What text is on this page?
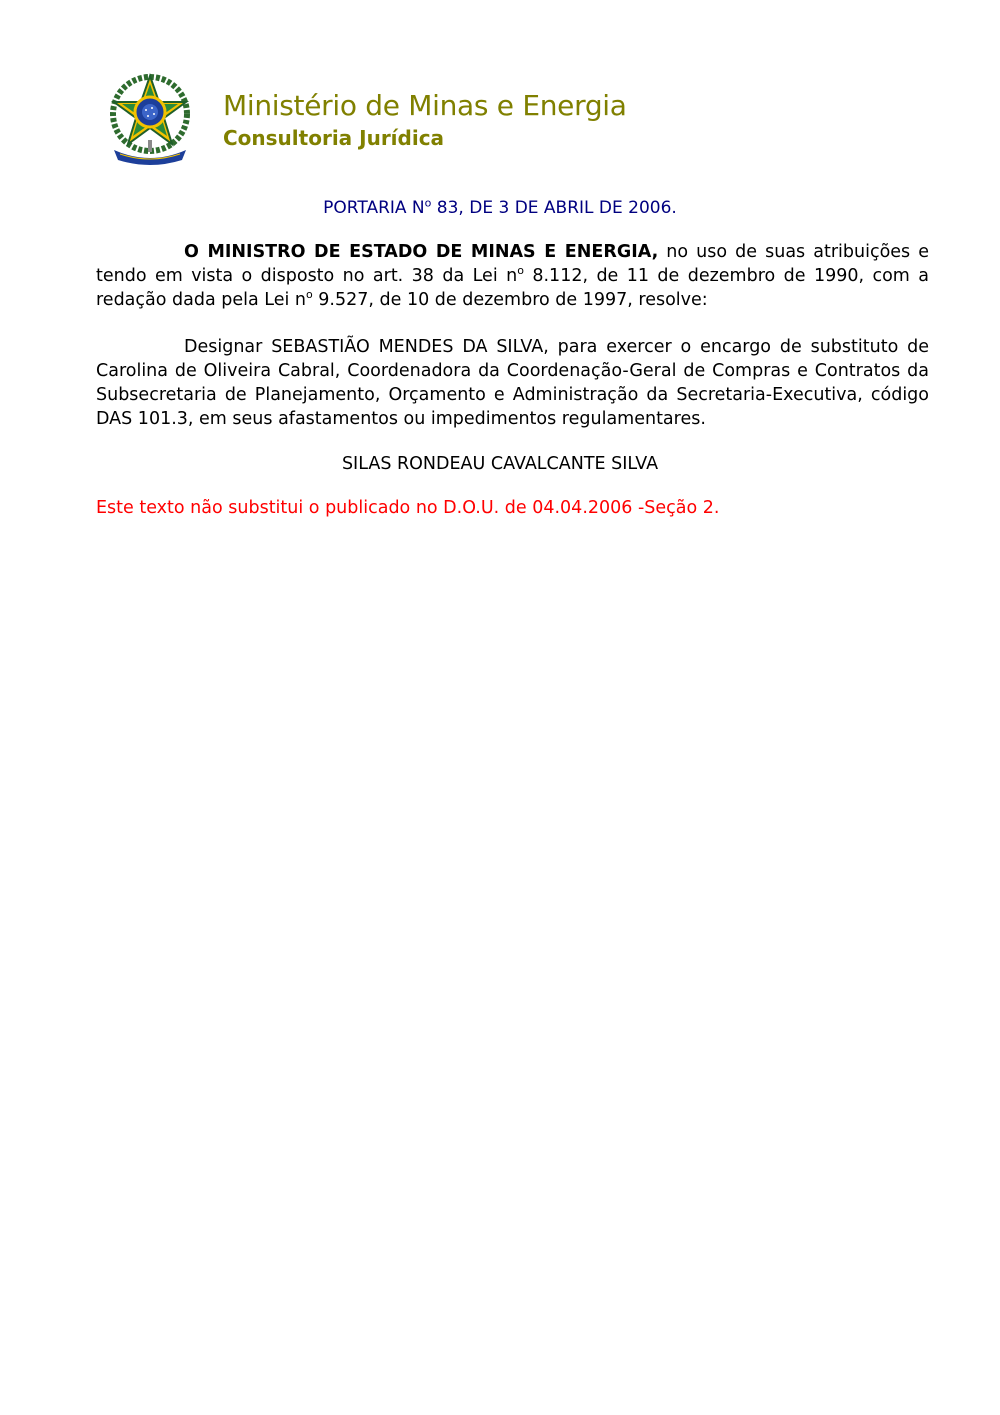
Ministério de Minas e Energia
Consultoria Jurídica
PORTARIA $N^o$ 83, DE 3 DE ABRIL DE 2006.
O MINISTRO DE ESTADO DE MINAS E ENERGIA, no uso de suas atribuições e tendo em vista o disposto no art. 38 da Lei $n^o$ 8.112, de 11 de dezembro de 1990, com a redação dada pela Lei $n^o$ 9.527, de 10 de dezembro de 1997, resolve:
Designar SEBASTIÃO MENDES DA SILVA, para exercer o encargo de substituto de Carolina de Oliveira Cabral, Coordenadora da Coordenação-Geral de Compras e Contratos da Subsecretaria de Planejamento, Orçamento e Administração da Secretaria-Executiva, código DAS 101.3, em seus afastamentos ou impedimentos regulamentares.
SILAS RONDEAU CAVALCANTE SILVA
Este texto não substitui o publicado no D.O.U. de 04.04.2006 -Seção 2.
